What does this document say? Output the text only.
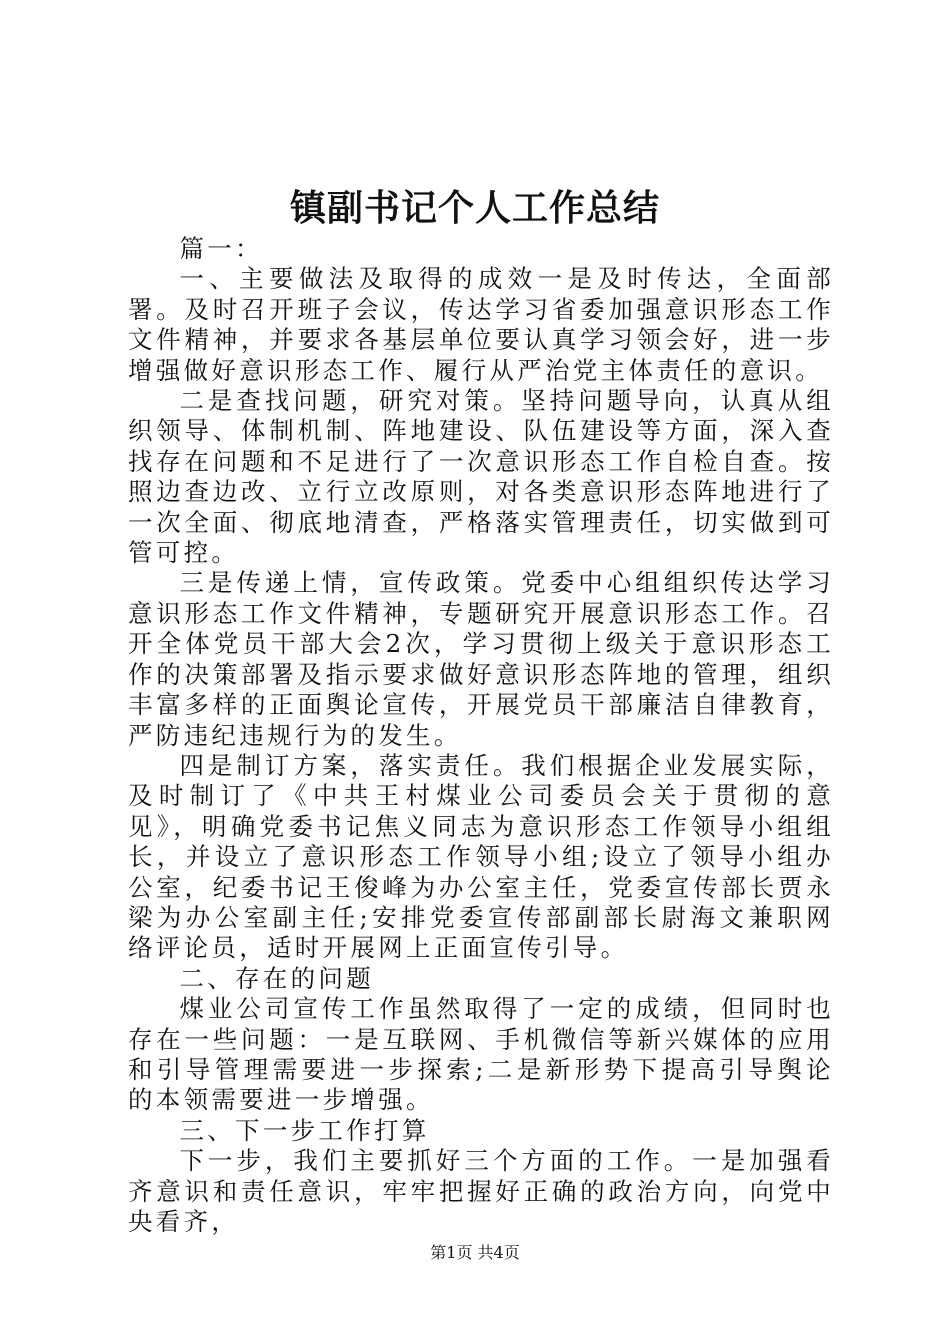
镇副书记个人工作总结

篇一：

一、主要做法及取得的成效一是及时传达，全面部署。及时召开班子会议，传达学习省委加强意识形态工作文件精神，并要求各基层单位要认真学习领会好，进一步增强做好意识形态工作、履行从严治党主体责任的意识。

二是查找问题，研究对策。坚持问题导向，认真从组织领导、体制机制、阵地建设、队伍建设等方面，深入查找存在问题和不足进行了一次意识形态工作自检自查。按照边查边改、立行立改原则，对各类意识形态阵地进行了一次全面、彻底地清查，严格落实管理责任，切实做到可管可控。

三是传递上情，宣传政策。党委中心组组织传达学习意识形态工作文件精神，专题研究开展意识形态工作。召开全体党员干部大会2次，学习贯彻上级关于意识形态工作的决策部署及指示要求做好意识形态阵地的管理，组织丰富多样的正面舆论宣传，开展党员干部廉洁自律教育，严防违纪违规行为的发生。

四是制订方案，落实责任。我们根据企业发展实际，及时制订了《中共王村煤业公司委员会关于贯彻的意见》，明确党委书记焦义同志为意识形态工作领导小组组长，并设立了意识形态工作领导小组;设立了领导小组办公室，纪委书记王俊峰为办公室主任，党委宣传部长贾永梁为办公室副主任;安排党委宣传部副部长尉海文兼职网络评论员，适时开展网上正面宣传引导。

二、存在的问题

煤业公司宣传工作虽然取得了一定的成绩，但同时也存在一些问题：一是互联网、手机微信等新兴媒体的应用和引导管理需要进一步探索;二是新形势下提高引导舆论的本领需要进一步增强。

三、下一步工作打算

下一步，我们主要抓好三个方面的工作。一是加强看齐意识和责任意识，牢牢把握好正确的政治方向，向党中央看齐，

第1页 共4页
